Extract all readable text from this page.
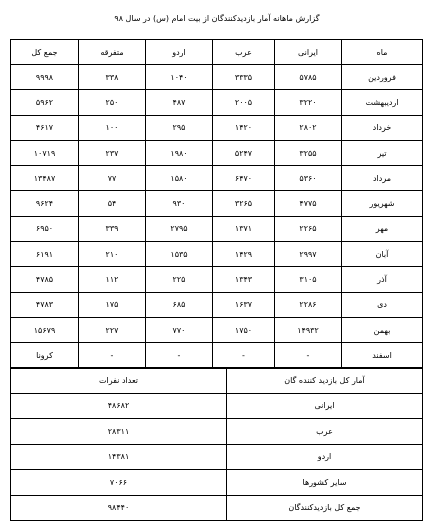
گزارش ماهانه آمار بازدیدکنندگان از بیت امام (س) در سال ۹۸
ماه	ایرانی	عرب	اردو	متفرقه	جمع کل
فروردین	۵۷۸۵	۳۳۳۵	۱۰۴۰	۳۳۸	۹۹۹۸
اردیبهشت	۳۲۲۰	۲۰۰۵	۴۸۷	۲۵۰	۵۹۶۲
خرداد	۲۸۰۲	۱۴۲۰	۲۹۵	۱۰۰	۴۶۱۷
تیر	۳۲۵۵	۵۲۴۷	۱۹۸۰	۲۳۷	۱۰۷۱۹
مرداد	۵۳۶۰	۶۴۷۰	۱۵۸۰	۷۷	۱۳۴۸۷
شهریور	۴۷۷۵	۳۲۶۵	۹۳۰	۵۴	۹۶۲۴
مهر	۲۲۶۵	۱۳۷۱	۲۷۹۵	۳۳۹	۶۹۵۰
آبان	۲۹۹۷	۱۴۲۹	۱۵۳۵	۲۱۰	۶۱۹۱
آذر	۳۱۰۵	۱۳۴۳	۲۲۵	۱۱۲	۴۷۸۵
دی	۲۲۸۶	۱۶۳۷	۶۸۵	۱۷۵	۴۷۸۳
بهمن	۱۴۹۳۲	۱۷۵۰	۷۷۰	۲۲۷	۱۵۶۷۹
اسفند	-	-	-	-	کرونا
آمار کل بازدید کننده گان	تعداد نفرات
ایرانی	۴۸۶۸۲
عرب	۲۸۳۱۱
اردو	۱۴۳۸۱
سایر کشورها	۷۰۶۶
جمع کل بازدیدکنندگان	۹۸۴۴۰
